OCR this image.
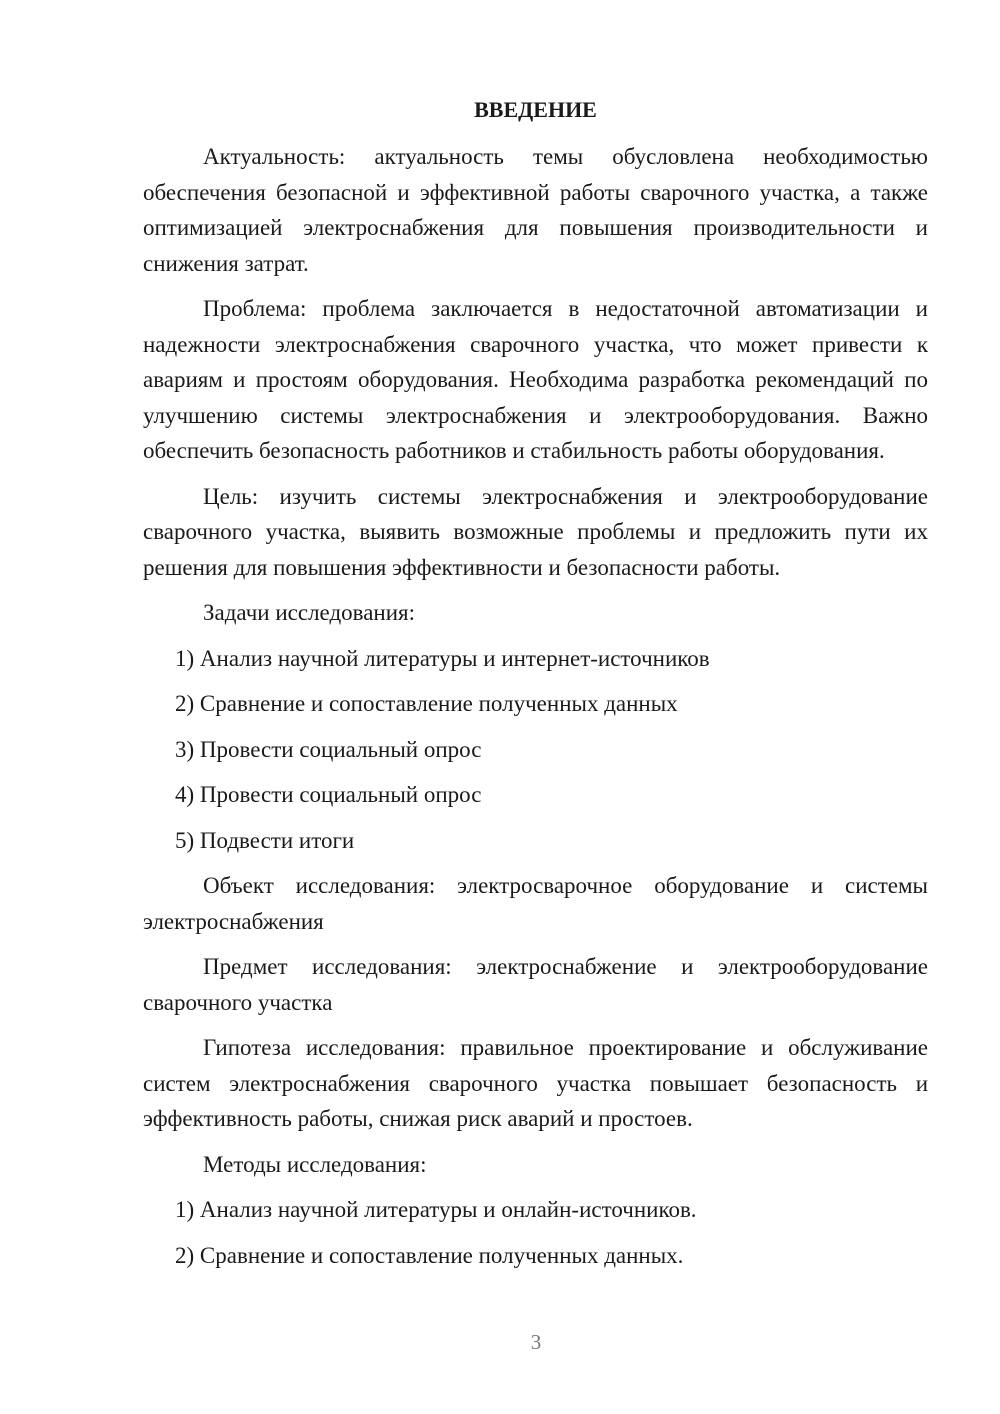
ВВЕДЕНИЕ

Актуальность: актуальность темы обусловлена необходимостью обеспечения безопасной и эффективной работы сварочного участка, а также оптимизацией электроснабжения для повышения производительности и снижения затрат.

Проблема: проблема заключается в недостаточной автоматизации и надежности электроснабжения сварочного участка, что может привести к авариям и простоям оборудования. Необходима разработка рекомендаций по улучшению системы электроснабжения и электрооборудования. Важно обеспечить безопасность работников и стабильность работы оборудования.

Цель: изучить системы электроснабжения и электрооборудование сварочного участка, выявить возможные проблемы и предложить пути их решения для повышения эффективности и безопасности работы.

Задачи исследования:

1) Анализ научной литературы и интернет-источников
2) Сравнение и сопоставление полученных данных
3) Провести социальный опрос
4) Провести социальный опрос
5) Подвести итоги

Объект исследования: электросварочное оборудование и системы электроснабжения

Предмет исследования: электроснабжение и электрооборудование сварочного участка

Гипотеза исследования: правильное проектирование и обслуживание систем электроснабжения сварочного участка повышает безопасность и эффективность работы, снижая риск аварий и простоев.

Методы исследования:

1) Анализ научной литературы и онлайн-источников.
2) Сравнение и сопоставление полученных данных.
3
